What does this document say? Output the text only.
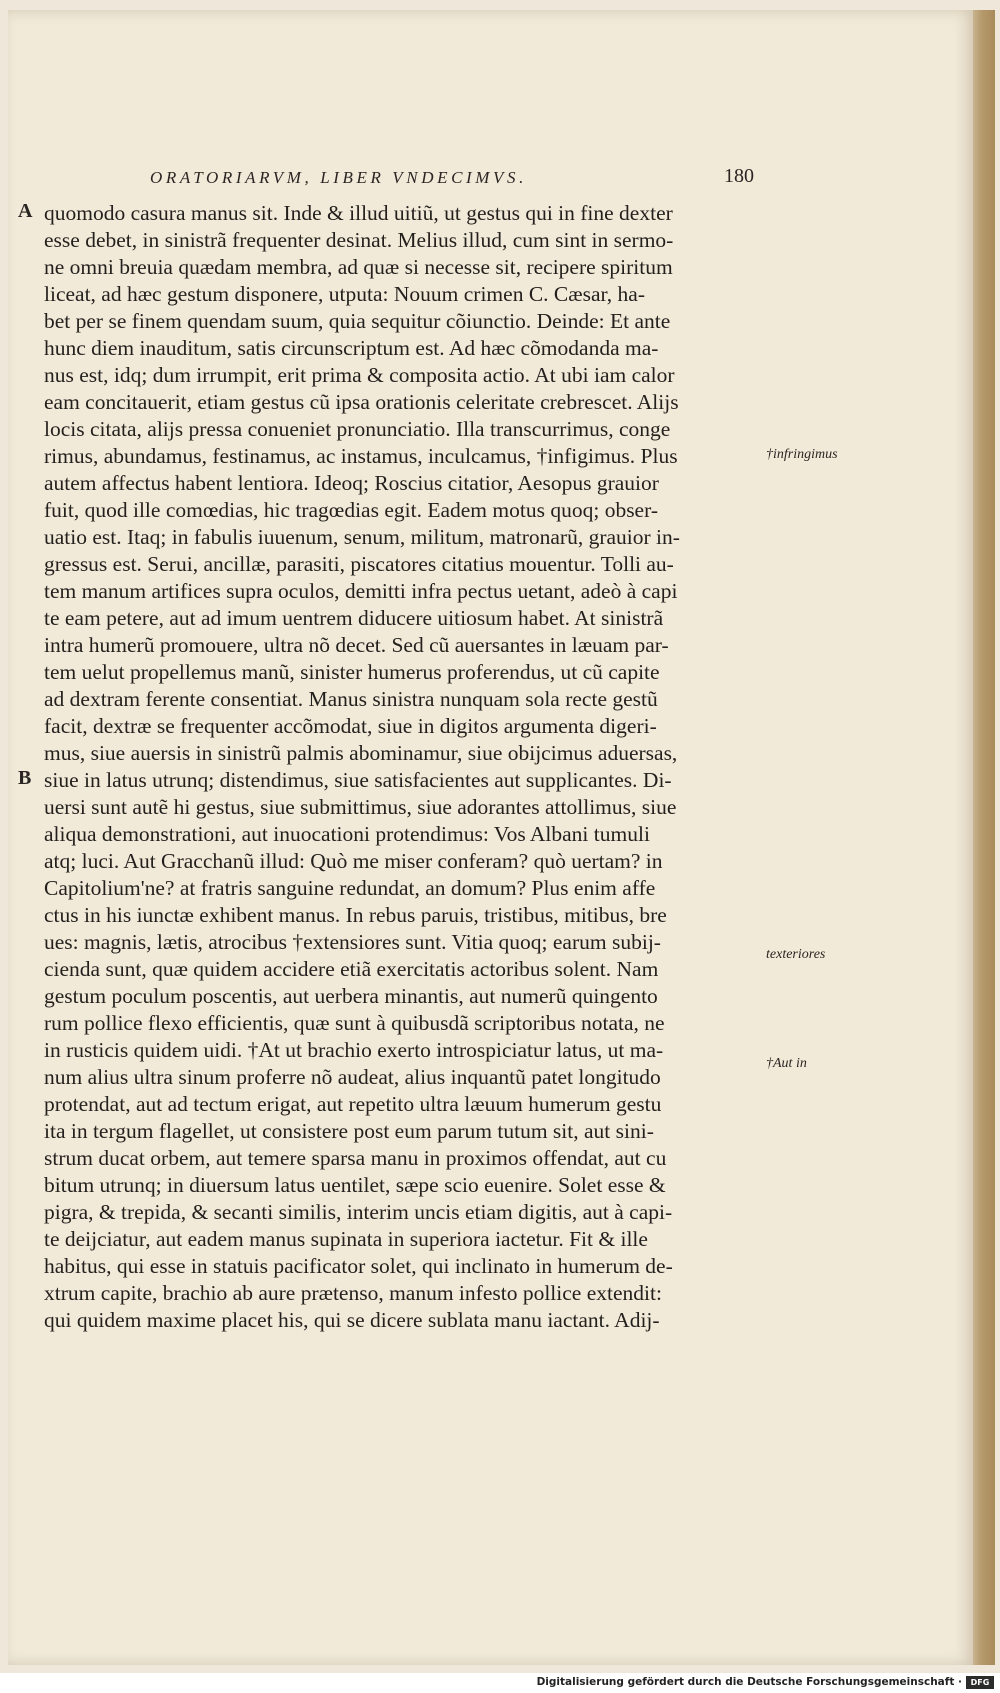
ORATORIARVM, LIBER VNDECIMVS.	180
A
B
quomodo casura manus sit. Inde & illud uitiũ, ut gestus qui in fine dexter
esse debet, in sinistrã frequenter desinat. Melius illud, cum sint in sermo-
ne omni breuia quædam membra, ad quæ si necesse sit, recipere spiritum
liceat, ad hæc gestum disponere, utputa: Nouum crimen C. Cæsar, ha-
bet per se finem quendam suum, quia sequitur cõiunctio. Deinde: Et ante
hunc diem inauditum, satis circunscriptum est. Ad hæc cõmodanda ma-
nus est, idq; dum irrumpit, erit prima & composita actio. At ubi iam calor
eam concitauerit, etiam gestus cũ ipsa orationis celeritate crebrescet. Alijs
locis citata, alijs pressa conueniet pronunciatio. Illa transcurrimus, conge
rimus, abundamus, festinamus, ac instamus, inculcamus, †infigimus. Plus
autem affectus habent lentiora. Ideoq; Roscius citatior, Aesopus grauior
fuit, quod ille comœdias, hic tragœdias egit. Eadem motus quoq; obser-
uatio est. Itaq; in fabulis iuuenum, senum, militum, matronarũ, grauior in-
gressus est. Serui, ancillæ, parasiti, piscatores citatius mouentur. Tolli au-
tem manum artifices supra oculos, demitti infra pectus uetant, adeò à capi
te eam petere, aut ad imum uentrem diducere uitiosum habet. At sinistrã
intra humerũ promouere, ultra nõ decet. Sed cũ auersantes in læuam par-
tem uelut propellemus manũ, sinister humerus proferendus, ut cũ capite
ad dextram ferente consentiat. Manus sinistra nunquam sola recte gestũ
facit, dextræ se frequenter accõmodat, siue in digitos argumenta digeri-
mus, siue auersis in sinistrũ palmis abominamur, siue obijcimus aduersas,
siue in latus utrunq; distendimus, siue satisfacientes aut supplicantes. Di-
uersi sunt autẽ hi gestus, siue submittimus, siue adorantes attollimus, siue
aliqua demonstrationi, aut inuocationi protendimus: Vos Albani tumuli
atq; luci. Aut Gracchanũ illud: Quò me miser conferam? quò uertam? in
Capitolium'ne? at fratris sanguine redundat, an domum? Plus enim affe
ctus in his iunctæ exhibent manus. In rebus paruis, tristibus, mitibus, bre
ues: magnis, lætis, atrocibus †extensiores sunt. Vitia quoq; earum subij-
cienda sunt, quæ quidem accidere etiã exercitatis actoribus solent. Nam
gestum poculum poscentis, aut uerbera minantis, aut numerũ quingento
rum pollice flexo efficientis, quæ sunt à quibusdã scriptoribus notata, ne
in rusticis quidem uidi. †At ut brachio exerto introspiciatur latus, ut ma-
num alius ultra sinum proferre nõ audeat, alius inquantũ patet longitudo
protendat, aut ad tectum erigat, aut repetito ultra læuum humerum gestu
ita in tergum flagellet, ut consistere post eum parum tutum sit, aut sini-
strum ducat orbem, aut temere sparsa manu in proximos offendat, aut cu
bitum utrunq; in diuersum latus uentilet, sæpe scio euenire. Solet esse &
pigra, & trepida, & secanti similis, interim uncis etiam digitis, aut à capi-
te deijciatur, aut eadem manus supinata in superiora iactetur. Fit & ille
habitus, qui esse in statuis pacificator solet, qui inclinato in humerum de-
xtrum capite, brachio ab aure prætenso, manum infesto pollice extendit:
qui quidem maxime placet his, qui se dicere sublata manu iactant. Adij-
†infringimus
texteriores
†Aut in
Digitalisierung gefördert durch die Deutsche Forschungsgemeinschaft ·	DFG
